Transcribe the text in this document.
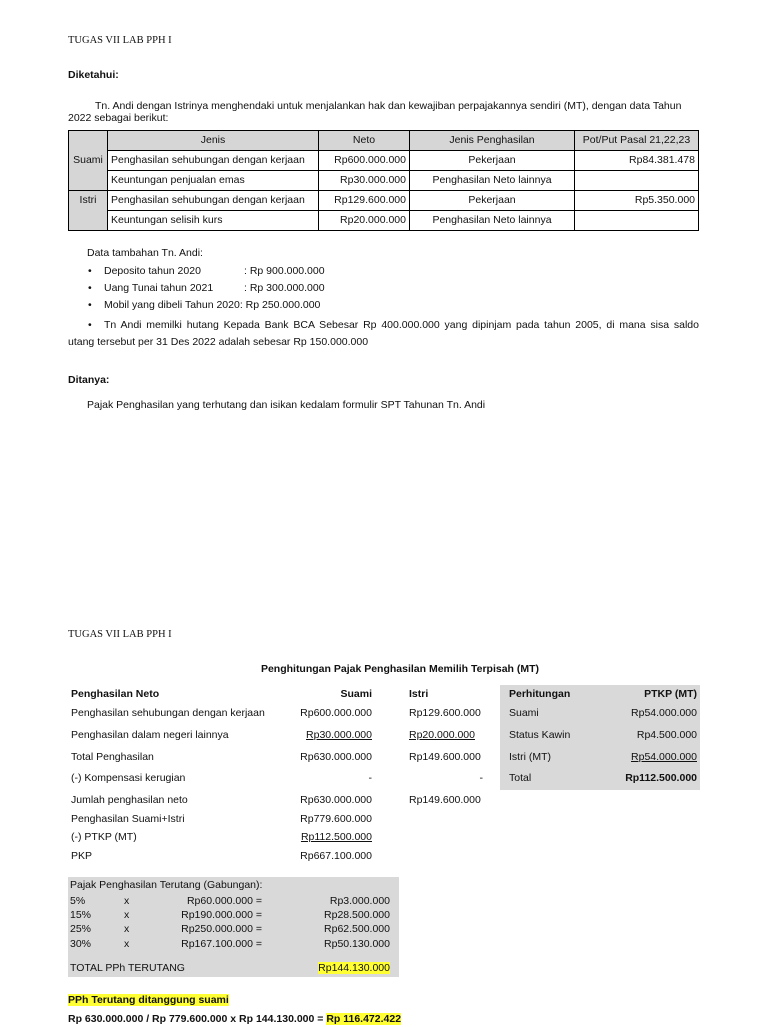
TUGAS VII LAB PPH I
Diketahui:
Tn. Andi dengan Istrinya menghendaki untuk menjalankan hak dan kewajiban perpajakannya sendiri (MT), dengan data Tahun
2022 sebagai berikut:
	Jenis	Neto	Jenis Penghasilan	Pot/Put Pasal 21,22,23
Suami	Penghasilan sehubungan dengan kerjaan	Rp600.000.000	Pekerjaan	Rp84.381.478
	Keuntungan penjualan emas	Rp30.000.000	Penghasilan Neto lainnya	
Istri	Penghasilan sehubungan dengan kerjaan	Rp129.600.000	Pekerjaan	Rp5.350.000
	Keuntungan selisih kurs	Rp20.000.000	Penghasilan Neto lainnya	
Data tambahan Tn. Andi:
• Deposito tahun 2020	: Rp 900.000.000
• Uang Tunai tahun 2021	: Rp 300.000.000
• Mobil yang dibeli Tahun 2020: Rp 250.000.000
• Tn Andi memilki hutang Kepada Bank BCA Sebesar Rp 400.000.000 yang dipinjam pada tahun 2005, di mana sisa saldo
utang tersebut per 31 Des 2022 adalah sebesar Rp 150.000.000
Ditanya:
Pajak Penghasilan yang terhutang dan isikan kedalam formulir SPT Tahunan Tn. Andi
TUGAS VII LAB PPH I
Penghitungan Pajak Penghasilan Memilih Terpisah (MT)
Penghasilan Neto	Suami	Istri
Penghasilan sehubungan dengan kerjaan	Rp600.000.000	Rp129.600.000
Penghasilan dalam negeri lainnya	Rp30.000.000	Rp20.000.000
Total Penghasilan	Rp630.000.000	Rp149.600.000
(-) Kompensasi kerugian	-	-
Jumlah penghasilan neto	Rp630.000.000	Rp149.600.000
Penghasilan Suami+Istri	Rp779.600.000
(-) PTKP (MT)	Rp112.500.000
PKP	Rp667.100.000
Perhitungan	PTKP (MT)
Suami	Rp54.000.000
Status Kawin	Rp4.500.000
Istri (MT)	Rp54.000.000
Total	Rp112.500.000
Pajak Penghasilan Terutang (Gabungan):
5%	x	Rp60.000.000 =	Rp3.000.000
15%	x	Rp190.000.000 =	Rp28.500.000
25%	x	Rp250.000.000 =	Rp62.500.000
30%	x	Rp167.100.000 =	Rp50.130.000
TOTAL PPh TERUTANG	Rp144.130.000
PPh Terutang ditanggung suami
Rp 630.000.000 / Rp 779.600.000 x Rp 144.130.000 = Rp 116.472.422
